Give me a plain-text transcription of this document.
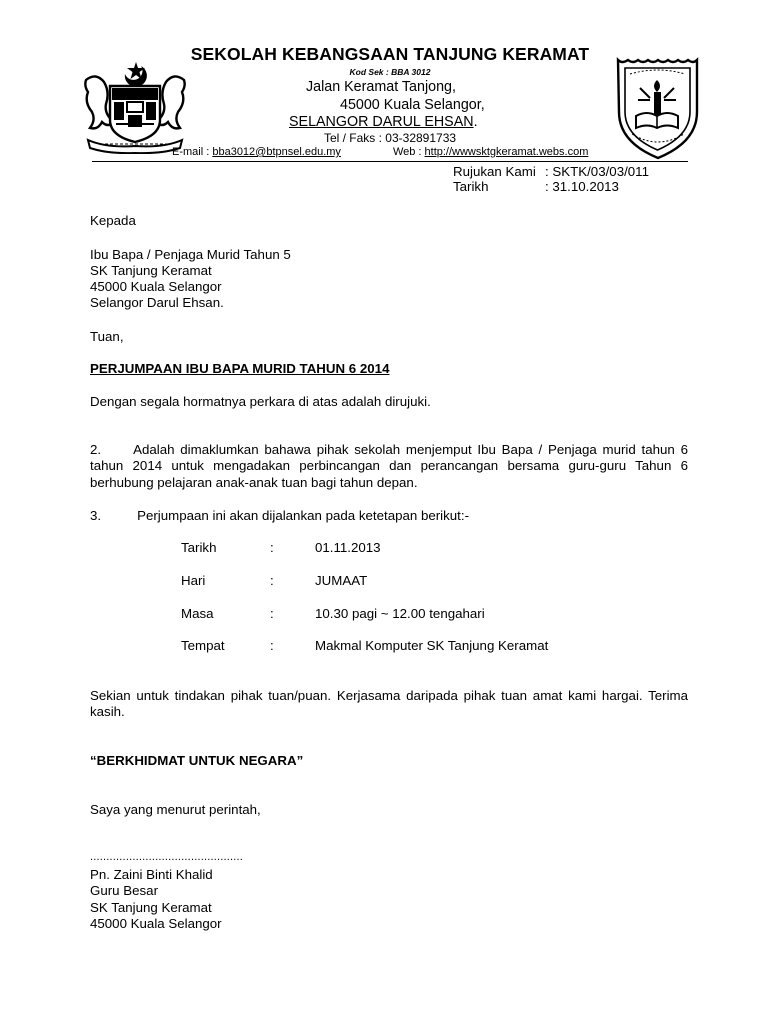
SEKOLAH KEBANGSAAN TANJUNG KERAMAT
Kod Sek : BBA 3012
Jalan Keramat Tanjong,
45000 Kuala Selangor,
SELANGOR DARUL EHSAN.
Tel / Faks : 03-32891733
E-mail : bba3012@btpnsel.edu.my	Web : http://wwwsktgkeramat.webs.com
Rujukan Kami : SKTK/03/03/011
Tarikh	: 31.10.2013
Kepada
Ibu Bapa / Penjaga Murid Tahun 5
SK Tanjung Keramat
45000 Kuala Selangor
Selangor Darul Ehsan.
Tuan,
PERJUMPAAN IBU BAPA MURID TAHUN 6 2014
Dengan segala hormatnya perkara di atas adalah dirujuki.
2. Adalah dimaklumkan bahawa pihak sekolah menjemput Ibu Bapa / Penjaga murid tahun 6 tahun 2014 untuk mengadakan perbincangan dan perancangan bersama guru-guru Tahun 6 berhubung pelajaran anak-anak tuan bagi tahun depan.
3.	Perjumpaan ini akan dijalankan pada ketetapan berikut:-
Tarikh	:	01.11.2013
Hari	:	JUMAAT
Masa	:	10.30 pagi ~ 12.00 tengahari
Tempat	:	Makmal Komputer SK Tanjung Keramat
Sekian untuk tindakan pihak tuan/puan. Kerjasama daripada pihak tuan amat kami hargai. Terima kasih.
“BERKHIDMAT UNTUK NEGARA”
Saya yang menurut perintah,
...............................................
Pn. Zaini Binti Khalid
Guru Besar
SK Tanjung Keramat
45000 Kuala Selangor
